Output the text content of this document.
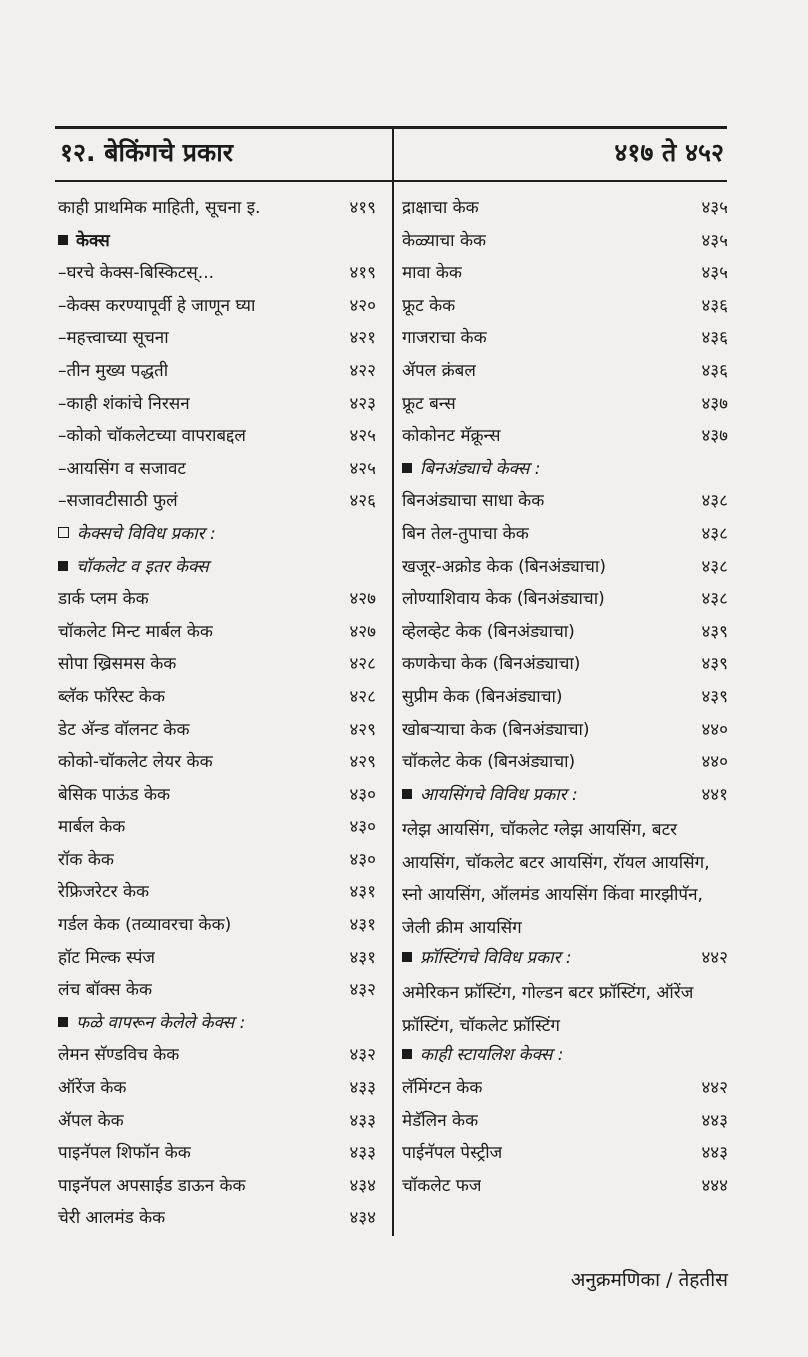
१२. बेकिंगचे प्रकार	४१७ ते ४५२
काही प्राथमिक माहिती, सूचना इ.	४१९
केक्स
–घरचे केक्स-बिस्किटस्...	४१९
–केक्स करण्यापूर्वी हे जाणून घ्या	४२०
–महत्त्वाच्या सूचना	४२१
–तीन मुख्य पद्धती	४२२
–काही शंकांचे निरसन	४२३
–कोको चॉकलेटच्या वापराबद्दल	४२५
–आयसिंग व सजावट	४२५
–सजावटीसाठी फुलं	४२६
केक्सचे विविध प्रकार :
चॉकलेट व इतर केक्स
डार्क प्लम केक	४२७
चॉकलेट मिन्ट मार्बल केक	४२७
सोपा ख्रिसमस केक	४२८
ब्लॅक फॉरेस्ट केक	४२८
डेट अ‍ॅन्ड वॉलनट केक	४२९
कोको-चॉकलेट लेयर केक	४२९
बेसिक पाऊंड केक	४३०
मार्बल केक	४३०
रॉक केक	४३०
रेफ्रिजरेटर केक	४३१
गर्डल केक (तव्यावरचा केक)	४३१
हॉट मिल्क स्पंज	४३१
लंच बॉक्स केक	४३२
फळे वापरून केलेले केक्स :
लेमन सॅण्डविच केक	४३२
ऑरेंज केक	४३३
ॲपल केक	४३३
पाइनॅपल शिफॉन केक	४३३
पाइनॅपल अपसाईड डाऊन केक	४३४
चेरी आलमंड केक	४३४
द्राक्षाचा केक	४३५
केळ्याचा केक	४३५
मावा केक	४३५
फ्रूट केक	४३६
गाजराचा केक	४३६
ॲपल क्रंबल	४३६
फ्रूट बन्स	४३७
कोकोनट मॅक्रून्स	४३७
बिनअंड्याचे केक्स :
बिनअंड्याचा साधा केक	४३८
बिन तेल-तुपाचा केक	४३८
खजूर-अक्रोड केक (बिनअंड्याचा)	४३८
लोण्याशिवाय केक (बिनअंड्याचा)	४३८
व्हेलव्हेट केक (बिनअंड्याचा)	४३९
कणकेचा केक (बिनअंड्याचा)	४३९
सुप्रीम केक (बिनअंड्याचा)	४३९
खोबऱ्याचा केक (बिनअंड्याचा)	४४०
चॉकलेट केक (बिनअंड्याचा)	४४०
आयसिंगचे विविध प्रकार :	४४१
ग्लेझ आयसिंग, चॉकलेट ग्लेझ आयसिंग, बटर आयसिंग, चॉकलेट बटर आयसिंग, रॉयल आयसिंग, स्नो आयसिंग, ऑलमंड आयसिंग किंवा मारझीपॅन, जेली क्रीम आयसिंग
फ्रॉस्टिंगचे विविध प्रकार :	४४२
अमेरिकन फ्रॉस्टिंग, गोल्डन बटर फ्रॉस्टिंग, ऑरेंज फ्रॉस्टिंग, चॉकलेट फ्रॉस्टिंग
काही स्टायलिश केक्स :
लॅमिंग्टन केक	४४२
मेडॅलिन केक	४४३
पाईनॅपल पेस्ट्रीज	४४३
चॉकलेट फज	४४४
अनुक्रमणिका / तेहतीस
